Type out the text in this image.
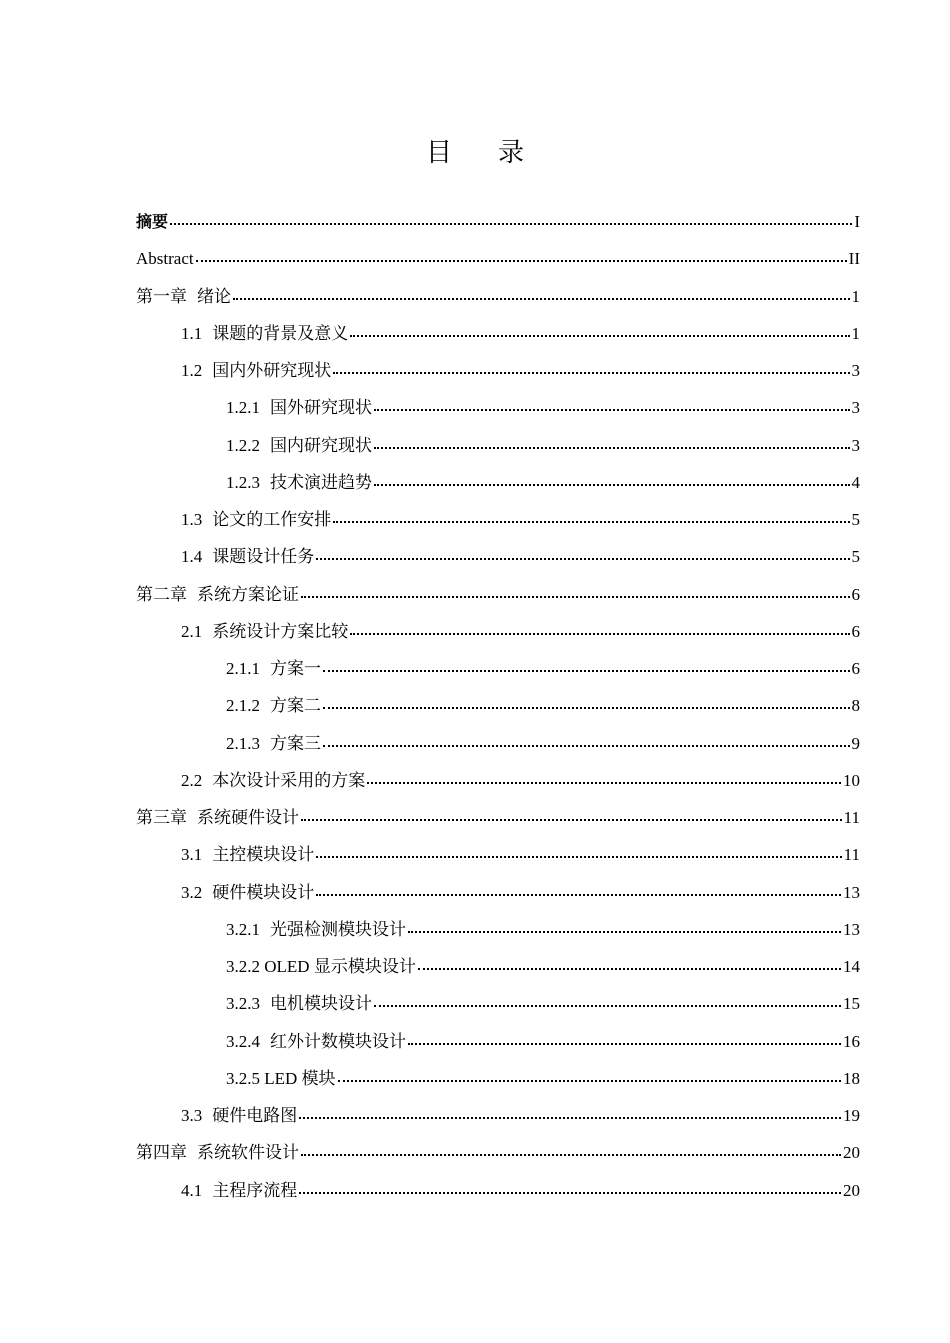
目 录
摘要	I
Abstract	II
第一章 绪论	1
1.1 课题的背景及意义	1
1.2 国内外研究现状	3
1.2.1 国外研究现状	3
1.2.2 国内研究现状	3
1.2.3 技术演进趋势	4
1.3 论文的工作安排	5
1.4 课题设计任务	5
第二章 系统方案论证	6
2.1 系统设计方案比较	6
2.1.1 方案一	6
2.1.2 方案二	8
2.1.3 方案三	9
2.2 本次设计采用的方案	10
第三章 系统硬件设计	11
3.1 主控模块设计	11
3.2 硬件模块设计	13
3.2.1 光强检测模块设计	13
3.2.2 OLED 显示模块设计	14
3.2.3 电机模块设计	15
3.2.4 红外计数模块设计	16
3.2.5 LED 模块	18
3.3 硬件电路图	19
第四章 系统软件设计	20
4.1 主程序流程	20
